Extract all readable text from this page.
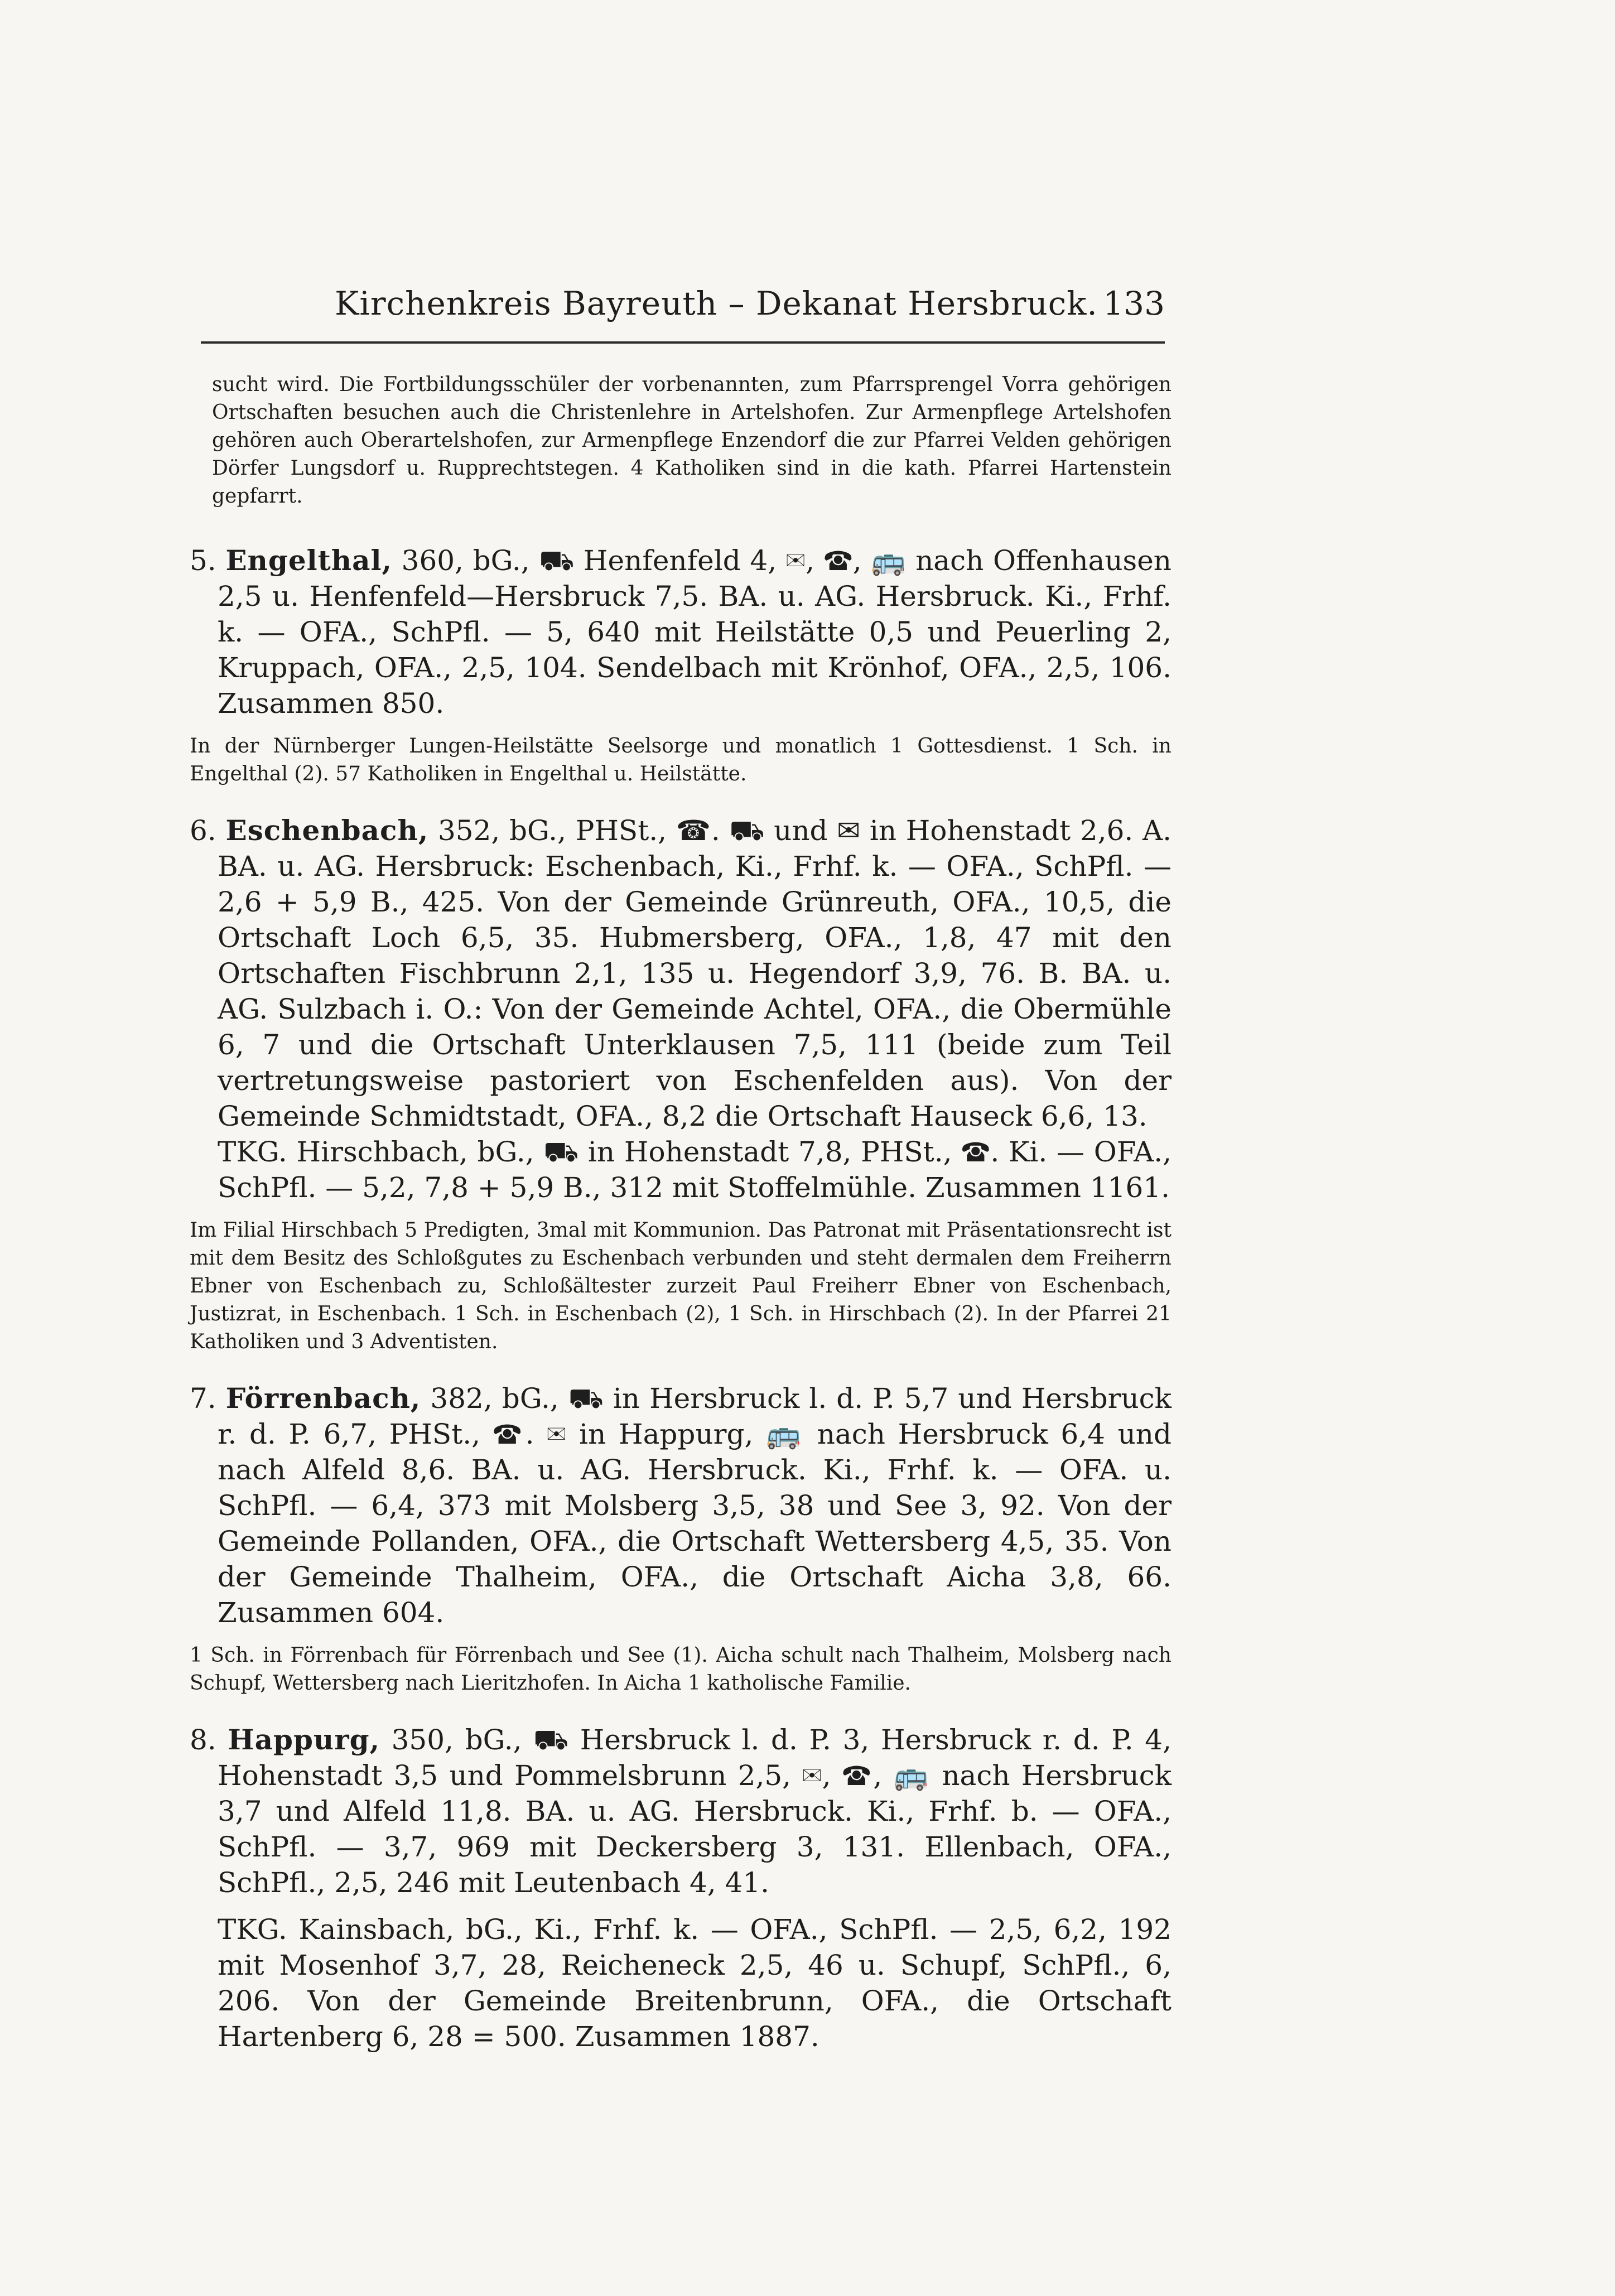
Kirchenkreis Bayreuth – Dekanat Hersbruck. 133

sucht wird. Die Fortbildungsschüler der vorbenannten, zum Pfarrsprengel Vorra gehörigen Ortschaften besuchen auch die Christenlehre in Artelshofen. Zur Armenpflege Artelshofen gehören auch Oberartelshofen, zur Armenpflege Enzendorf die zur Pfarrei Velden gehörigen Dörfer Lungsdorf u. Rupprechtstegen. 4 Katholiken sind in die kath. Pfarrei Hartenstein gepfarrt.

5. Engelthal, 360, bG., ⛟ Henfenfeld 4, ✉, ☎, 🚌 nach Offenhausen 2,5 u. Henfenfeld—Hersbruck 7,5. BA. u. AG. Hersbruck. Ki., Frhf. k. — OFA., SchPfl. — 5, 640 mit Heilstätte 0,5 und Peuerling 2, Kruppach, OFA., 2,5, 104. Sendelbach mit Krönhof, OFA., 2,5, 106. Zusammen 850.

In der Nürnberger Lungen-Heilstätte Seelsorge und monatlich 1 Gottesdienst. 1 Sch. in Engelthal (2). 57 Katholiken in Engelthal u. Heilstätte.

6. Eschenbach, 352, bG., PHSt., ☎. ⛟ und ✉ in Hohenstadt 2,6. A. BA. u. AG. Hersbruck: Eschenbach, Ki., Frhf. k. — OFA., SchPfl. — 2,6 + 5,9 B., 425. Von der Gemeinde Grünreuth, OFA., 10,5, die Ortschaft Loch 6,5, 35. Hubmersberg, OFA., 1,8, 47 mit den Ortschaften Fischbrunn 2,1, 135 u. Hegendorf 3,9, 76. B. BA. u. AG. Sulzbach i. O.: Von der Gemeinde Achtel, OFA., die Obermühle 6, 7 und die Ortschaft Unterklausen 7,5, 111 (beide zum Teil vertretungsweise pastoriert von Eschenfelden aus). Von der Gemeinde Schmidtstadt, OFA., 8,2 die Ortschaft Hauseck 6,6, 13.

TKG. Hirschbach, bG., ⛟ in Hohenstadt 7,8, PHSt., ☎. Ki. — OFA., SchPfl. — 5,2, 7,8 + 5,9 B., 312 mit Stoffelmühle. Zusammen 1161.

Im Filial Hirschbach 5 Predigten, 3mal mit Kommunion. Das Patronat mit Präsentationsrecht ist mit dem Besitz des Schloßgutes zu Eschenbach verbunden und steht dermalen dem Freiherrn Ebner von Eschenbach zu, Schloßältester zurzeit Paul Freiherr Ebner von Eschenbach, Justizrat, in Eschenbach. 1 Sch. in Eschenbach (2), 1 Sch. in Hirschbach (2). In der Pfarrei 21 Katholiken und 3 Adventisten.

7. Förrenbach, 382, bG., ⛟ in Hersbruck l. d. P. 5,7 und Hersbruck r. d. P. 6,7, PHSt., ☎. ✉ in Happurg, 🚌 nach Hersbruck 6,4 und nach Alfeld 8,6. BA. u. AG. Hersbruck. Ki., Frhf. k. — OFA. u. SchPfl. — 6,4, 373 mit Molsberg 3,5, 38 und See 3, 92. Von der Gemeinde Pollanden, OFA., die Ortschaft Wettersberg 4,5, 35. Von der Gemeinde Thalheim, OFA., die Ortschaft Aicha 3,8, 66. Zusammen 604.

1 Sch. in Förrenbach für Förrenbach und See (1). Aicha schult nach Thalheim, Molsberg nach Schupf, Wettersberg nach Lieritzhofen. In Aicha 1 katholische Familie.

8. Happurg, 350, bG., ⛟ Hersbruck l. d. P. 3, Hersbruck r. d. P. 4, Hohenstadt 3,5 und Pommelsbrunn 2,5, ✉, ☎, 🚌 nach Hersbruck 3,7 und Alfeld 11,8. BA. u. AG. Hersbruck. Ki., Frhf. b. — OFA., SchPfl. — 3,7, 969 mit Deckersberg 3, 131. Ellenbach, OFA., SchPfl., 2,5, 246 mit Leutenbach 4, 41.

TKG. Kainsbach, bG., Ki., Frhf. k. — OFA., SchPfl. — 2,5, 6,2, 192 mit Mosenhof 3,7, 28, Reicheneck 2,5, 46 u. Schupf, SchPfl., 6, 206. Von der Gemeinde Breitenbrunn, OFA., die Ortschaft Hartenberg 6, 28 = 500. Zusammen 1887.
